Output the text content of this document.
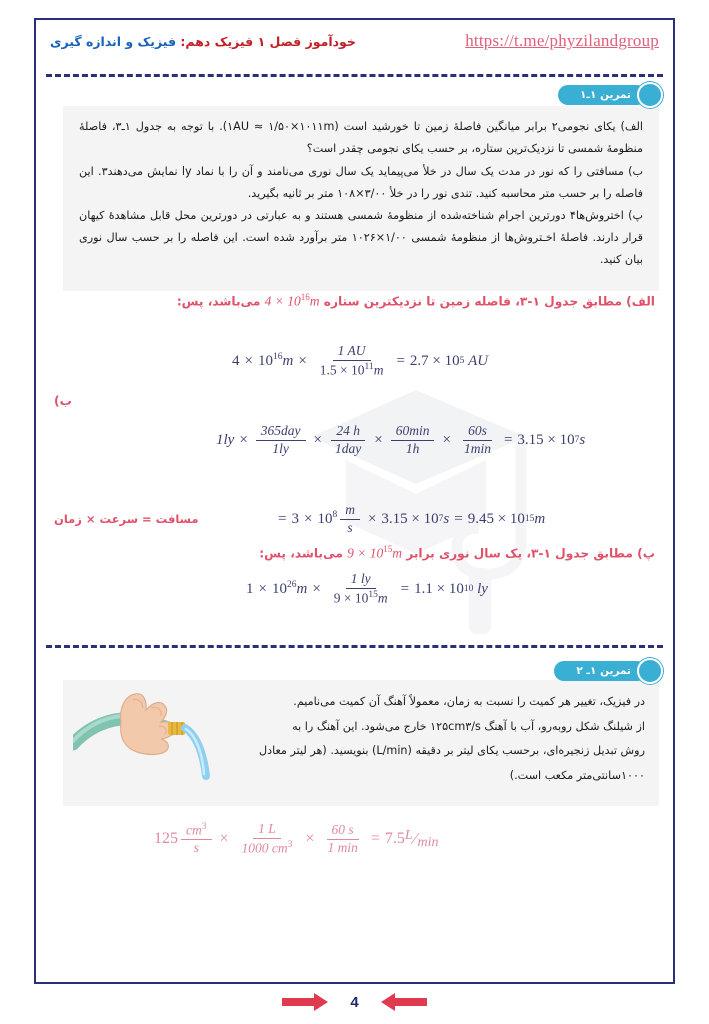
https://t.me/phyzilandgroup
خودآموز فصل ۱ فیزیک دهم: فیزیک و اندازه گیری
تمرین ۱ـ۱

الف) یکای نجومی۲ برابر میانگین فاصلۀ زمین تا خورشید است (۱AU ≈ ۱/۵۰×۱۰۱۱m). با توجه به جدول ۱ـ۳، فاصلۀ منظومۀ شمسی تا نزدیک‌ترین ستاره، بر حسب یکای نجومی چقدر است؟

ب) مسافتی را که نور در مدت یک سال در خلأ می‌پیماید یک سال نوری می‌نامند و آن را با نماد ly نمایش می‌دهند۳. این فاصله را بر حسب متر محاسبه کنید. تندی نور را در خلأ ۳/۰۰×۱۰۸ متر بر ثانیه بگیرید.

پ) اختروش‌ها۴ دورترین اجرام شناخته‌شده از منظومۀ شمسی هستند و به عبارتی در دورترین محل قابل مشاهدۀ کیهان قرار دارند. فاصلۀ اخـتروش‌ها از منظومۀ شمسی ۱/۰۰×۱۰۲۶ متر برآورد شده است. این فاصله را بر حسب سال نوری بیان کنید.

الف) مطابق جدول ۱-۳، فاصله زمین تا نزدیکترین ستاره $4 \times 10^{16}m$ می‌باشد، پس:
$4 \times 10^{16}$ $m \times \frac{1 AU}{1.5 \times 10^{11}m} = 2.7 \times 10$ 5
AU
ب)
$1ly \times \frac{\text{365day}}{1ly} \times \frac{24 h}{\text{1day}} \times \frac{60\min}{1h} \times \frac{60s}{1\min} = 3.15 \times 10$ 7 s
مسافت = سرعت × زمان	= $3 \times 10^8 \frac{m}{s} \times 3.15 \times 10$ 7 s = 9.45 × 10 15 m
پ) مطابق جدول ۱-۳، یک سال نوری برابر $9 \times 10^{15}m$ می‌باشد، پس:
$1 \times 10^{26}$ $m \times \frac{1 ly}{9 \times 10^{15}m} = 1.1 \times 10$ 10
ly
تمرین ۱ـ ۲

در فیزیک، تغییر هر کمیت را نسبت به زمان، معمولاً آهنگ آن کمیت می‌نامیم.

از شیلنگ شکل روبه‌رو، آب با آهنگ ۱۲۵cm۳/s خارج می‌شود. این آهنگ را به

روش تبدیل زنجیره‌ای، برحسب یکای لیتر بر دقیقه (L/min) بنویسید. (هر لیتر معادل

۱۰۰۰سانتی‌متر مکعب است.)

$125 \frac{cm^3}{s} \times \frac{1 L}{1000 cm^3} \times \frac{60 s}{1 \min} = 7.5$ L ⁄ min
4
